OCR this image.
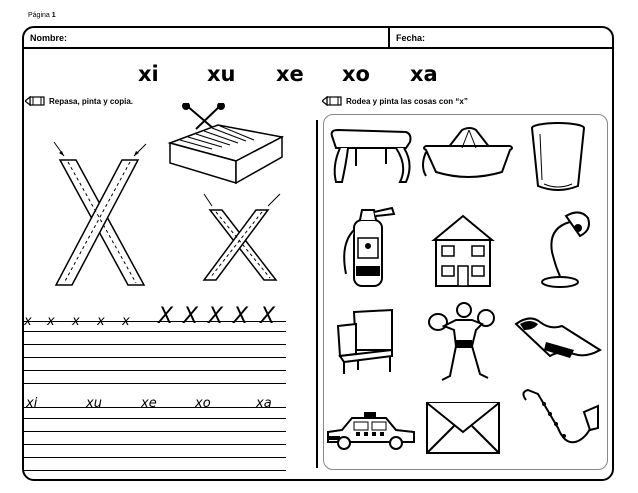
Página 1
Nombre:	Fecha:
xi xu xe xo xa
Repasa, pinta y copia.	Rodea y pinta las cosas con “x”
x x x x x X X X X X
xi	xu	xe	xo	xa
